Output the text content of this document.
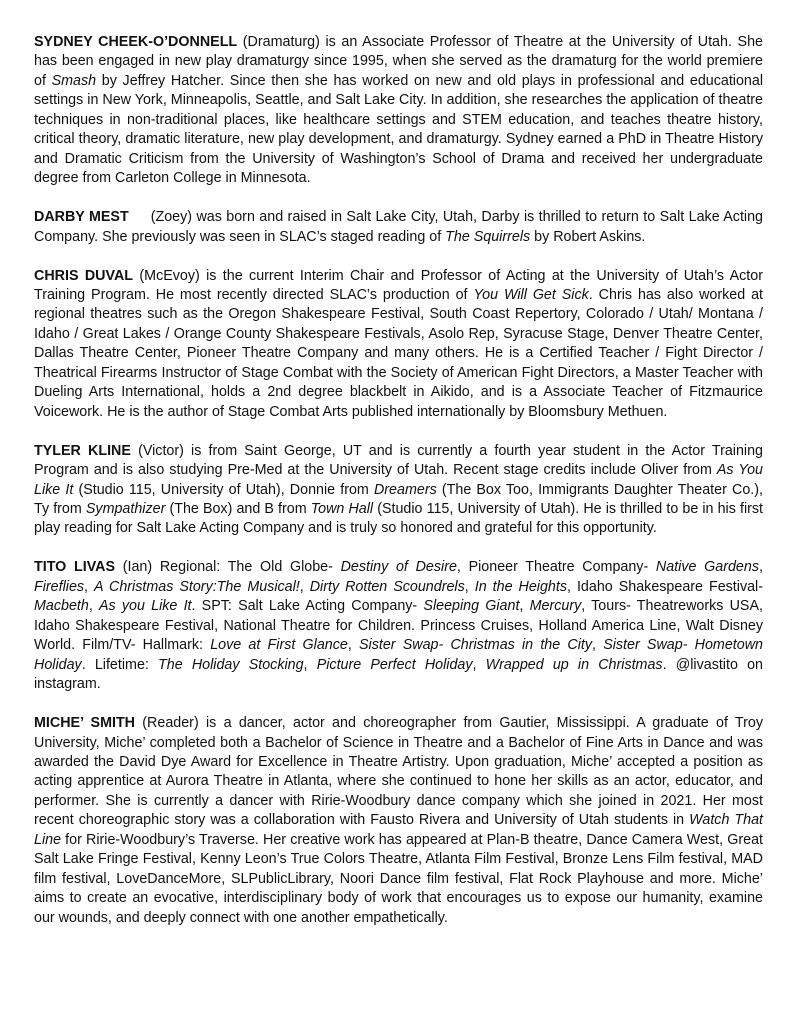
SYDNEY CHEEK-O’DONNELL (Dramaturg) is an Associate Professor of Theatre at the University of Utah. She has been engaged in new play dramaturgy since 1995, when she served as the dramaturg for the world premiere of Smash by Jeffrey Hatcher. Since then she has worked on new and old plays in professional and educational settings in New York, Minneapolis, Seattle, and Salt Lake City. In addition, she researches the application of theatre techniques in non-traditional places, like healthcare settings and STEM education, and teaches theatre history, critical theory, dramatic literature, new play development, and dramaturgy. Sydney earned a PhD in Theatre History and Dramatic Criticism from the University of Washington’s School of Drama and received her undergraduate degree from Carleton College in Minnesota.

DARBY MEST     (Zoey) was born and raised in Salt Lake City, Utah, Darby is thrilled to return to Salt Lake Acting Company. She previously was seen in SLAC’s staged reading of The Squirrels by Robert Askins.

CHRIS DUVAL (McEvoy) is the current Interim Chair and Professor of Acting at the University of Utah’s Actor Training Program. He most recently directed SLAC’s production of You Will Get Sick. Chris has also worked at regional theatres such as the Oregon Shakespeare Festival, South Coast Repertory, Colorado / Utah/ Montana / Idaho / Great Lakes / Orange County Shakespeare Festivals, Asolo Rep, Syracuse Stage, Denver Theatre Center, Dallas Theatre Center, Pioneer Theatre Company and many others. He is a Certified Teacher / Fight Director / Theatrical Firearms Instructor of Stage Combat with the Society of American Fight Directors, a Master Teacher with Dueling Arts International, holds a 2nd degree blackbelt in Aikido, and is a Associate Teacher of Fitzmaurice Voicework. He is the author of Stage Combat Arts published internationally by Bloomsbury Methuen.

TYLER KLINE (Victor) is from Saint George, UT and is currently a fourth year student in the Actor Training Program and is also studying Pre-Med at the University of Utah. Recent stage credits include Oliver from As You Like It (Studio 115, University of Utah), Donnie from Dreamers (The Box Too, Immigrants Daughter Theater Co.), Ty from Sympathizer (The Box) and B from Town Hall (Studio 115, University of Utah). He is thrilled to be in his first play reading for Salt Lake Acting Company and is truly so honored and grateful for this opportunity.

TITO LIVAS (Ian) Regional: The Old Globe- Destiny of Desire, Pioneer Theatre Company- Native Gardens, Fireflies, A Christmas Story:The Musical!, Dirty Rotten Scoundrels, In the Heights, Idaho Shakespeare Festival- Macbeth, As you Like It. SPT: Salt Lake Acting Company- Sleeping Giant, Mercury, Tours- Theatreworks USA, Idaho Shakespeare Festival, National Theatre for Children. Princess Cruises, Holland America Line, Walt Disney World. Film/TV- Hallmark: Love at First Glance, Sister Swap- Christmas in the City, Sister Swap- Hometown Holiday. Lifetime: The Holiday Stocking, Picture Perfect Holiday, Wrapped up in Christmas. @livastito on instagram.

MICHE’ SMITH (Reader) is a dancer, actor and choreographer from Gautier, Mississippi. A graduate of Troy University, Miche’ completed both a Bachelor of Science in Theatre and a Bachelor of Fine Arts in Dance and was awarded the David Dye Award for Excellence in Theatre Artistry. Upon graduation, Miche’ accepted a position as acting apprentice at Aurora Theatre in Atlanta, where she continued to hone her skills as an actor, educator, and performer. She is currently a dancer with Ririe-Woodbury dance company which she joined in 2021. Her most recent choreographic story was a collaboration with Fausto Rivera and University of Utah students in Watch That Line for Ririe-Woodbury’s Traverse. Her creative work has appeared at Plan-B theatre, Dance Camera West, Great Salt Lake Fringe Festival, Kenny Leon’s True Colors Theatre, Atlanta Film Festival, Bronze Lens Film festival, MAD film festival, LoveDanceMore, SLPublicLibrary, Noori Dance film festival, Flat Rock Playhouse and more. Miche’ aims to create an evocative, interdisciplinary body of work that encourages us to expose our humanity, examine our wounds, and deeply connect with one another empathetically.
